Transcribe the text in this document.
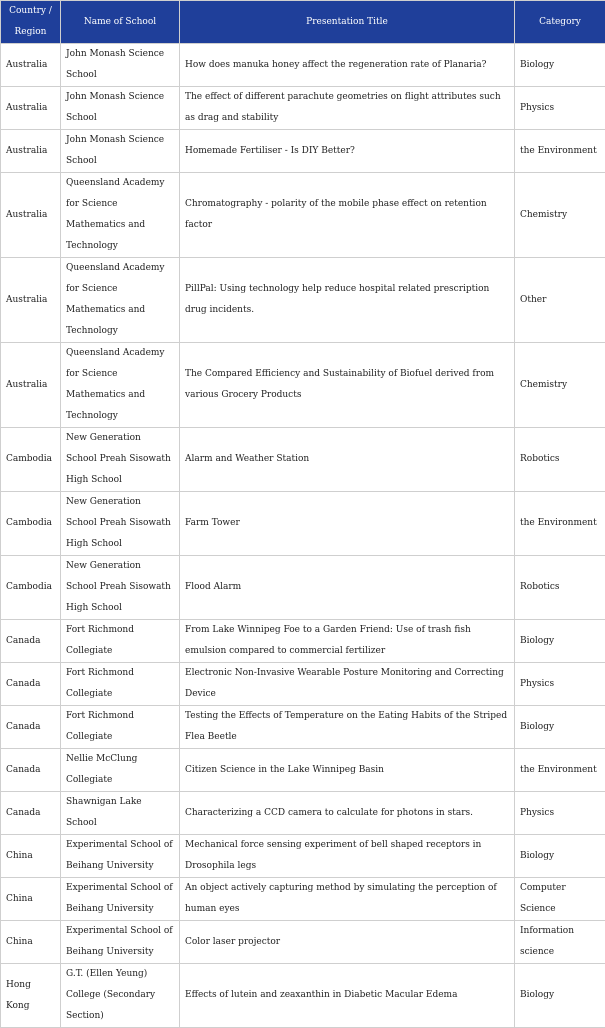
Country / Region	Name of School	Presentation Title	Category
Australia	John Monash Science School	How does manuka honey affect the regeneration rate of Planaria?	Biology
Australia	John Monash Science School	The effect of different parachute geometries on flight attributes such as drag and stability	Physics
Australia	John Monash Science School	Homemade Fertiliser - Is DIY Better?	the Environment
Australia	Queensland Academy for Science Mathematics and Technology	Chromatography - polarity of the mobile phase effect on retention factor	Chemistry
Australia	Queensland Academy for Science Mathematics and Technology	PillPal: Using technology help reduce hospital related prescription drug incidents.	Other
Australia	Queensland Academy for Science Mathematics and Technology	The Compared Efficiency and Sustainability of Biofuel derived from various Grocery Products	Chemistry
Cambodia	New Generation School Preah Sisowath High School	Alarm and Weather Station	Robotics
Cambodia	New Generation School Preah Sisowath High School	Farm Tower	the Environment
Cambodia	New Generation School Preah Sisowath High School	Flood Alarm	Robotics
Canada	Fort Richmond Collegiate	From Lake Winnipeg Foe to a Garden Friend: Use of trash fish emulsion compared to commercial fertilizer	Biology
Canada	Fort Richmond Collegiate	Electronic Non-Invasive Wearable Posture Monitoring and Correcting Device	Physics
Canada	Fort Richmond Collegiate	Testing the Effects of Temperature on the Eating Habits of the Striped Flea Beetle	Biology
Canada	Nellie McClung Collegiate	Citizen Science in the Lake Winnipeg Basin	the Environment
Canada	Shawnigan Lake School	Characterizing a CCD camera to calculate for photons in stars.	Physics
China	Experimental School of Beihang University	Mechanical force sensing experiment of bell shaped receptors in Drosophila legs	Biology
China	Experimental School of Beihang University	An object actively capturing method by simulating the perception of human eyes	Computer Science
China	Experimental School of Beihang University	Color laser projector	Information science
Hong Kong	G.T. (Ellen Yeung) College (Secondary Section)	Effects of lutein and zeaxanthin in Diabetic Macular Edema	Biology
